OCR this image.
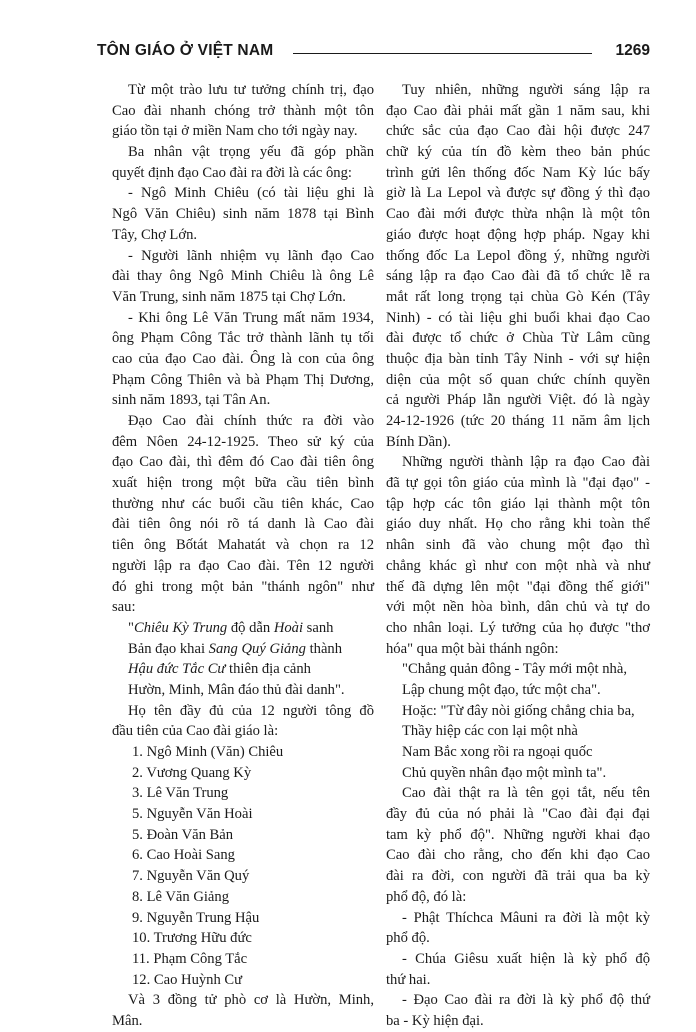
TÔN GIÁO Ở VIỆT NAM	1269
Từ một trào lưu tư tưởng chính trị, đạo
Cao đài nhanh chóng trở thành một tôn
giáo tồn tại ở miền Nam cho tới ngày nay.
Ba nhân vật trọng yếu đã góp phần
quyết định đạo Cao đài ra đời là các ông:
- Ngô Minh Chiêu (có tài liệu ghi là
Ngô Văn Chiêu) sinh năm 1878 tại Bình
Tây, Chợ Lớn.
- Người lãnh nhiệm vụ lãnh đạo Cao
đài thay ông Ngô Minh Chiêu là ông Lê
Văn Trung, sinh năm 1875 tại Chợ Lớn.
- Khi ông Lê Văn Trung mất năm 1934,
ông Phạm Công Tắc trở thành lãnh tụ tối
cao của đạo Cao đài. Ông là con của ông
Phạm Công Thiên và bà Phạm Thị Dương,
sinh năm 1893, tại Tân An.
Đạo Cao đài chính thức ra đời vào
đêm Nôen 24-12-1925. Theo sử ký của
đạo Cao đài, thì đêm đó Cao đài tiên ông
xuất hiện trong một bữa cầu tiên bình
thường như các buổi cầu tiên khác, Cao
đài tiên ông nói rõ tá danh là Cao đài
tiên ông Bốtát Mahatát và chọn ra 12
người lập ra đạo Cao đài. Tên 12 người
đó ghi trong một bản "thánh ngôn" như
sau:
"Chiêu Kỳ Trung độ dẫn Hoài sanh
Bản đạo khai Sang Quý Giảng thành
Hậu đức Tắc Cư thiên địa cảnh
Hườn, Minh, Mân đáo thủ đài danh".
Họ tên đầy đủ của 12 người tông đồ
đầu tiên của Cao đài giáo là:
1. Ngô Minh (Văn) Chiêu
2. Vương Quang Kỳ
3. Lê Văn Trung
5. Nguyễn Văn Hoài
5. Đoàn Văn Bản
6. Cao Hoài Sang
7. Nguyễn Văn Quý
8. Lê Văn Giảng
9. Nguyễn Trung Hậu
10. Trương Hữu đức
11. Phạm Công Tắc
12. Cao Huỳnh Cư
Và 3 đồng tử phò cơ là Hườn, Minh,
Mân.
Tuy nhiên, những người sáng lập ra
đạo Cao đài phải mất gần 1 năm sau, khi
chức sắc của đạo Cao đài hội được 247
chữ ký của tín đồ kèm theo bản phúc
trình gửi lên thống đốc Nam Kỳ lúc bấy
giờ là La Lepol và được sự đồng ý thì đạo
Cao đài mới được thừa nhận là một tôn
giáo được hoạt động hợp pháp. Ngay khi
thống đốc La Lepol đồng ý, những người
sáng lập ra đạo Cao đài đã tổ chức lễ ra
mắt rất long trọng tại chùa Gò Kén (Tây
Ninh) - có tài liệu ghi buổi khai đạo Cao
đài được tổ chức ở Chùa Từ Lâm cũng
thuộc địa bàn tỉnh Tây Ninh - với sự hiện
diện của một số quan chức chính quyền
cả người Pháp lẫn người Việt. đó là ngày
24-12-1926 (tức 20 tháng 11 năm âm lịch
Bính Dần).
Những người thành lập ra đạo Cao đài
đã tự gọi tôn giáo của mình là "đại đạo" -
tập hợp các tôn giáo lại thành một tôn
giáo duy nhất. Họ cho rằng khi toàn thể
nhân sinh đã vào chung một đạo thì
chẳng khác gì như con một nhà và như
thế đã dựng lên một "đại đồng thế giới"
với một nền hòa bình, dân chủ và tự do
cho nhân loại. Lý tưởng của họ được "thơ
hóa" qua một bài thánh ngôn:
"Chẳng quản đông - Tây mới một nhà,
Lập chung một đạo, tức một cha".
Hoặc: "Từ đây nòi giống chẳng chia ba,
Thầy hiệp các con lại một nhà
Nam Bắc xong rồi ra ngoại quốc
Chủ quyền nhân đạo một mình ta".
Cao đài thật ra là tên gọi tắt, nếu tên
đầy đủ của nó phải là "Cao đài đại đại
tam kỳ phổ độ". Những người khai đạo
Cao đài cho rằng, cho đến khi đạo Cao
đài ra đời, con người đã trải qua ba kỳ
phổ độ, đó là:
- Phật Thíchca Mâuni ra đời là một kỳ
phổ độ.
- Chúa Giêsu xuất hiện là kỳ phổ độ
thứ hai.
- Đạo Cao đài ra đời là kỳ phổ độ thứ
ba - Kỳ hiện đại.
